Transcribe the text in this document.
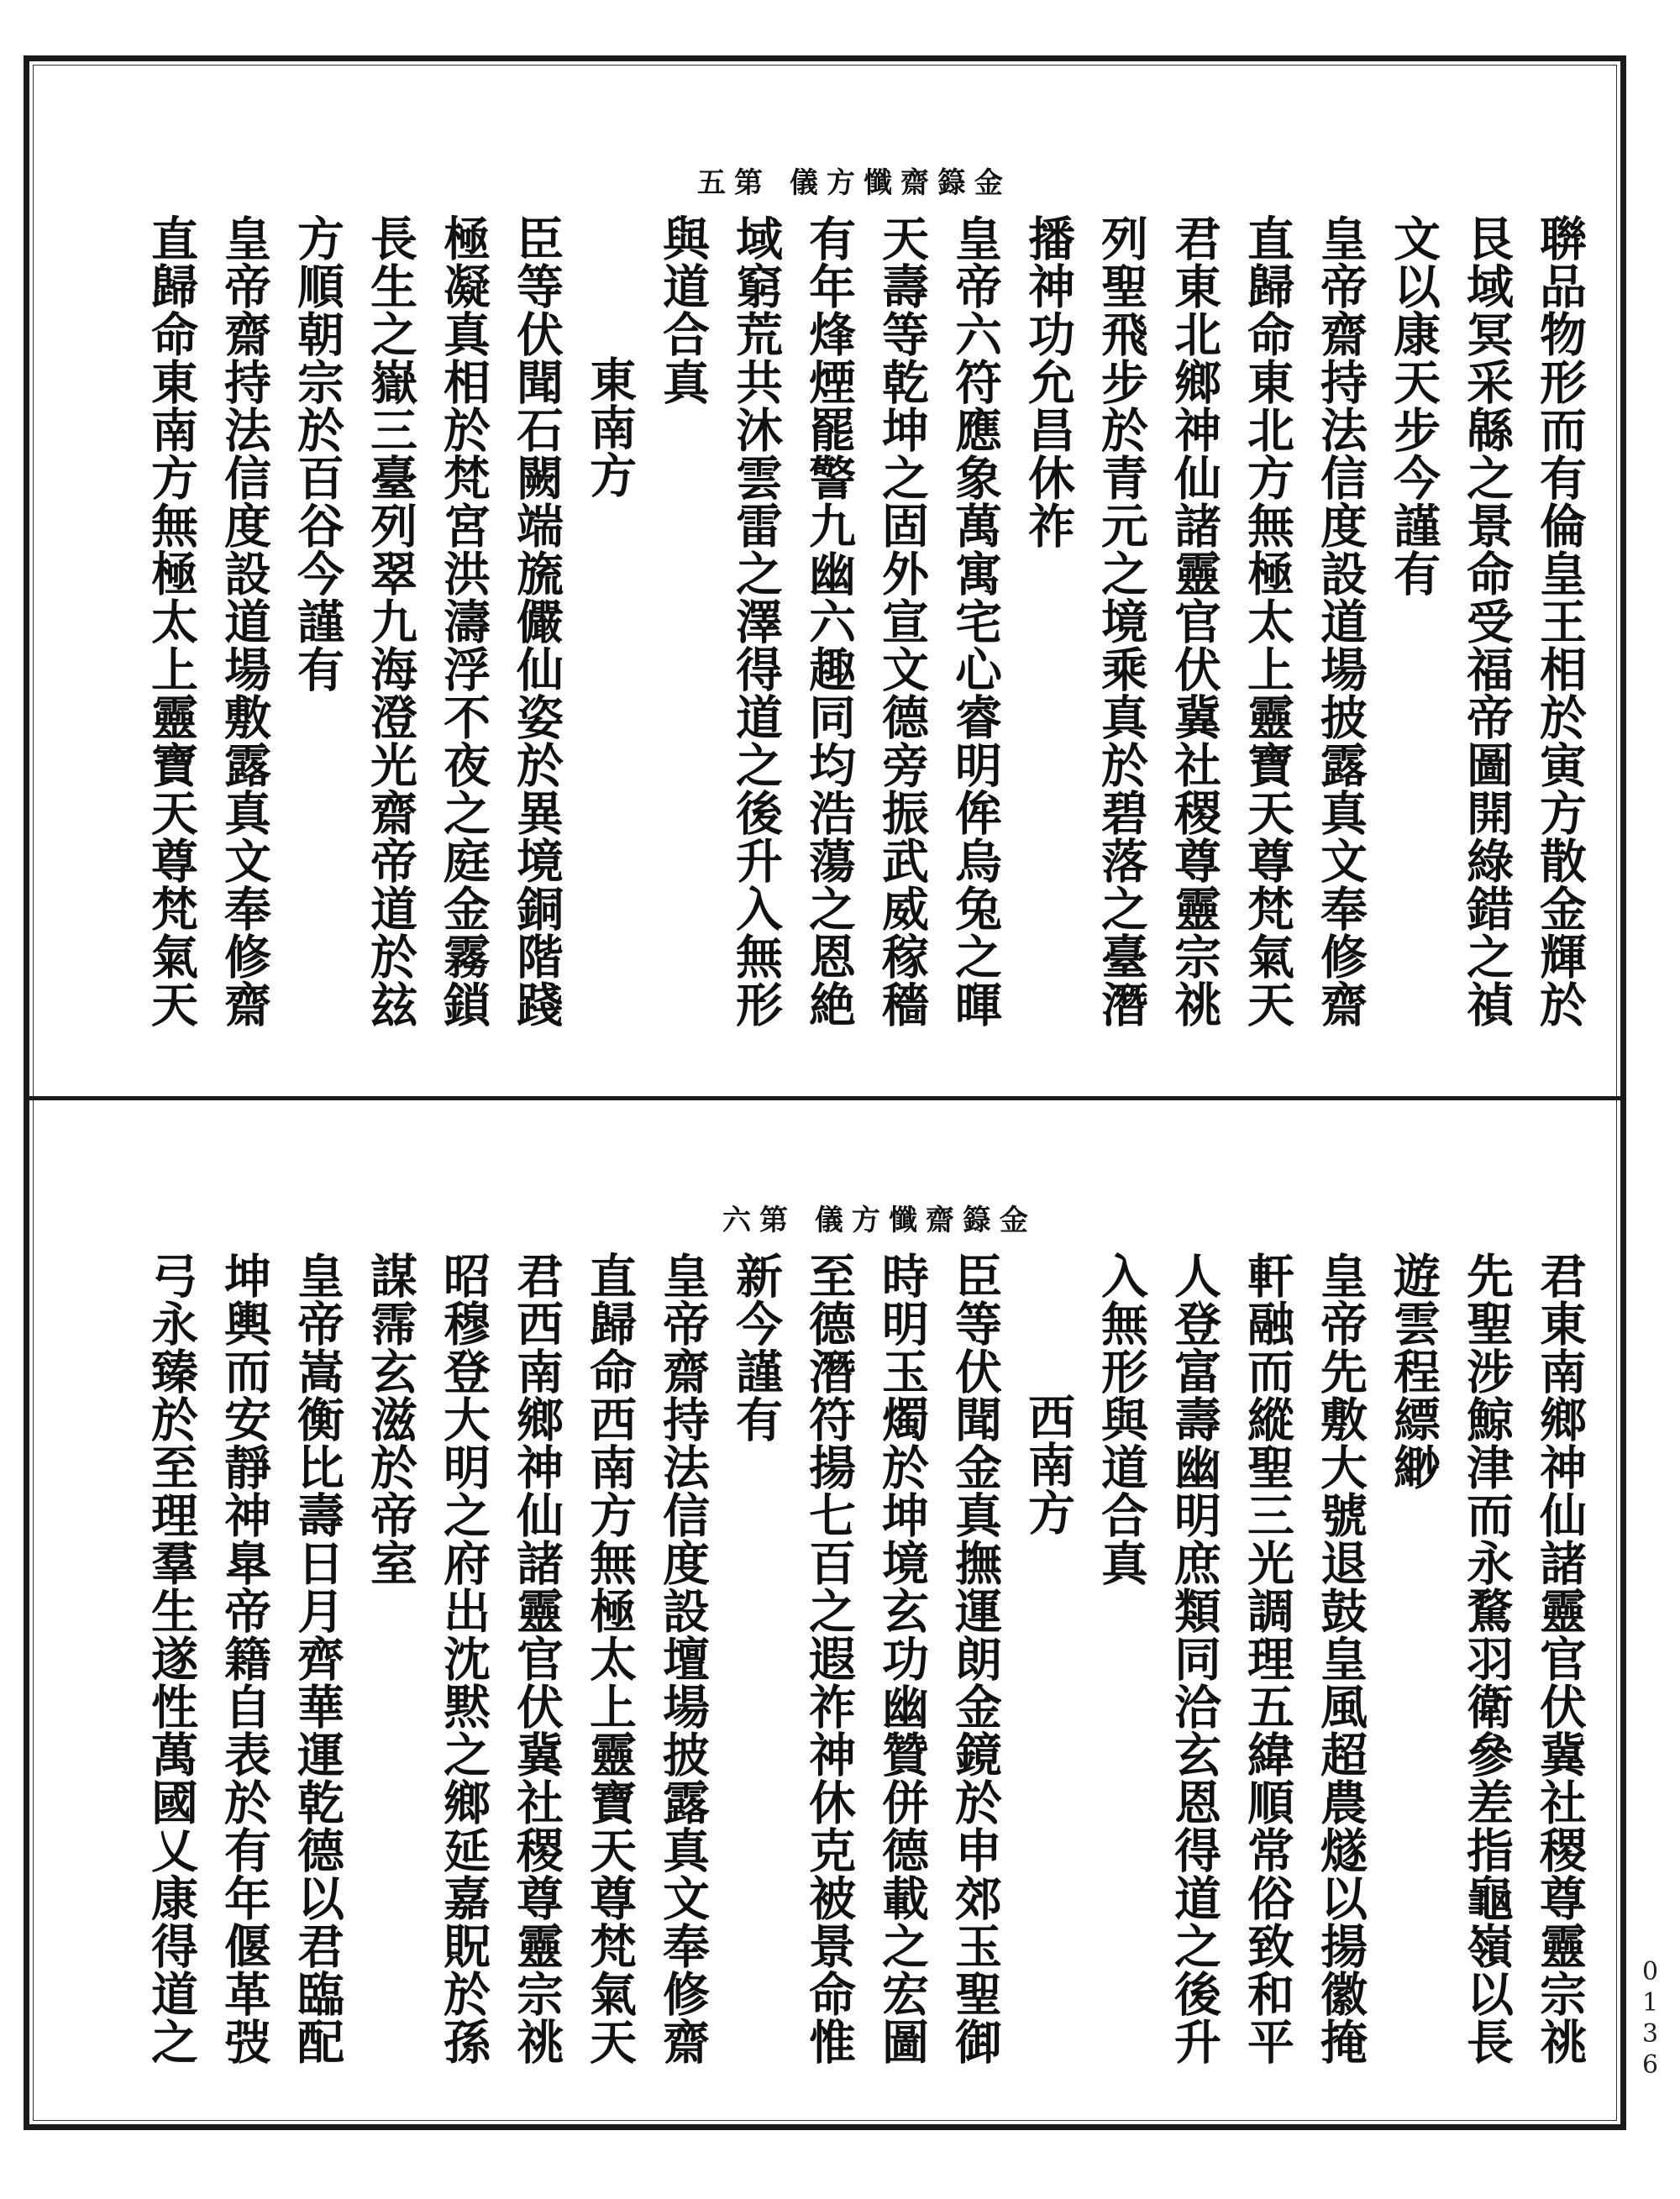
金籙齋懺方儀 第五
聨品物形而有倫皇王相於寅方散金輝於
艮域冥采緜之景命受福帝圖開綠錯之禎
文以康天步今謹有
皇帝齋持法信度設道場披露真文奉修齋
直歸命東北方無極太上靈寶天尊梵氣天
君東北鄉神仙諸靈官伏冀社稷尊靈宗祧
列聖飛步於青元之境乘真於碧落之臺潛
播神功允昌休祚
皇帝六符應象萬寓宅心睿明侔烏兔之暉
天壽等乾坤之固外宣文德旁振武威稼穡
有年烽煙罷警九幽六趣同均浩蕩之恩絶
域窮荒共沐雲雷之澤得道之後升入無形
與道合真
東南方
臣等伏聞石闕端旒儼仙姿於異境銅階踐
極凝真相於梵宮洪濤浮不夜之庭金霧鎖
長生之嶽三臺列翠九海澄光齋帝道於玆
方順朝宗於百谷今謹有
皇帝齋持法信度設道場敷露真文奉修齋
直歸命東南方無極太上靈寶天尊梵氣天
金籙齋懺方儀 第六
君東南鄉神仙諸靈官伏冀社稷尊靈宗祧
先聖涉鯨津而永騖羽衛參差指龜嶺以長
遊雲程縹緲
皇帝先敷大號退鼓皇風超農燧以揚徽掩
軒融而縱聖三光調理五緯順常俗致和平
人登富壽幽明庶類同洽玄恩得道之後升
入無形與道合真
西南方
臣等伏聞金真撫運朗金鏡於申郊玉聖御
時明玉燭於坤境玄功幽贊併德載之宏圖
至德潛符揚七百之遐祚神休克被景命惟
新今謹有
皇帝齋持法信度設壇場披露真文奉修齋
直歸命西南方無極太上靈寶天尊梵氣天
君西南鄉神仙諸靈官伏冀社稷尊靈宗祧
昭穆登大明之府出沈黙之鄉延嘉貺於孫
謀霈玄滋於帝室
皇帝嵩衡比壽日月齊華運乾德以君臨配
坤輿而安靜神臯帝籍自表於有年偃革弢
弓永臻於至理羣生遂性萬國乂康得道之	0136
